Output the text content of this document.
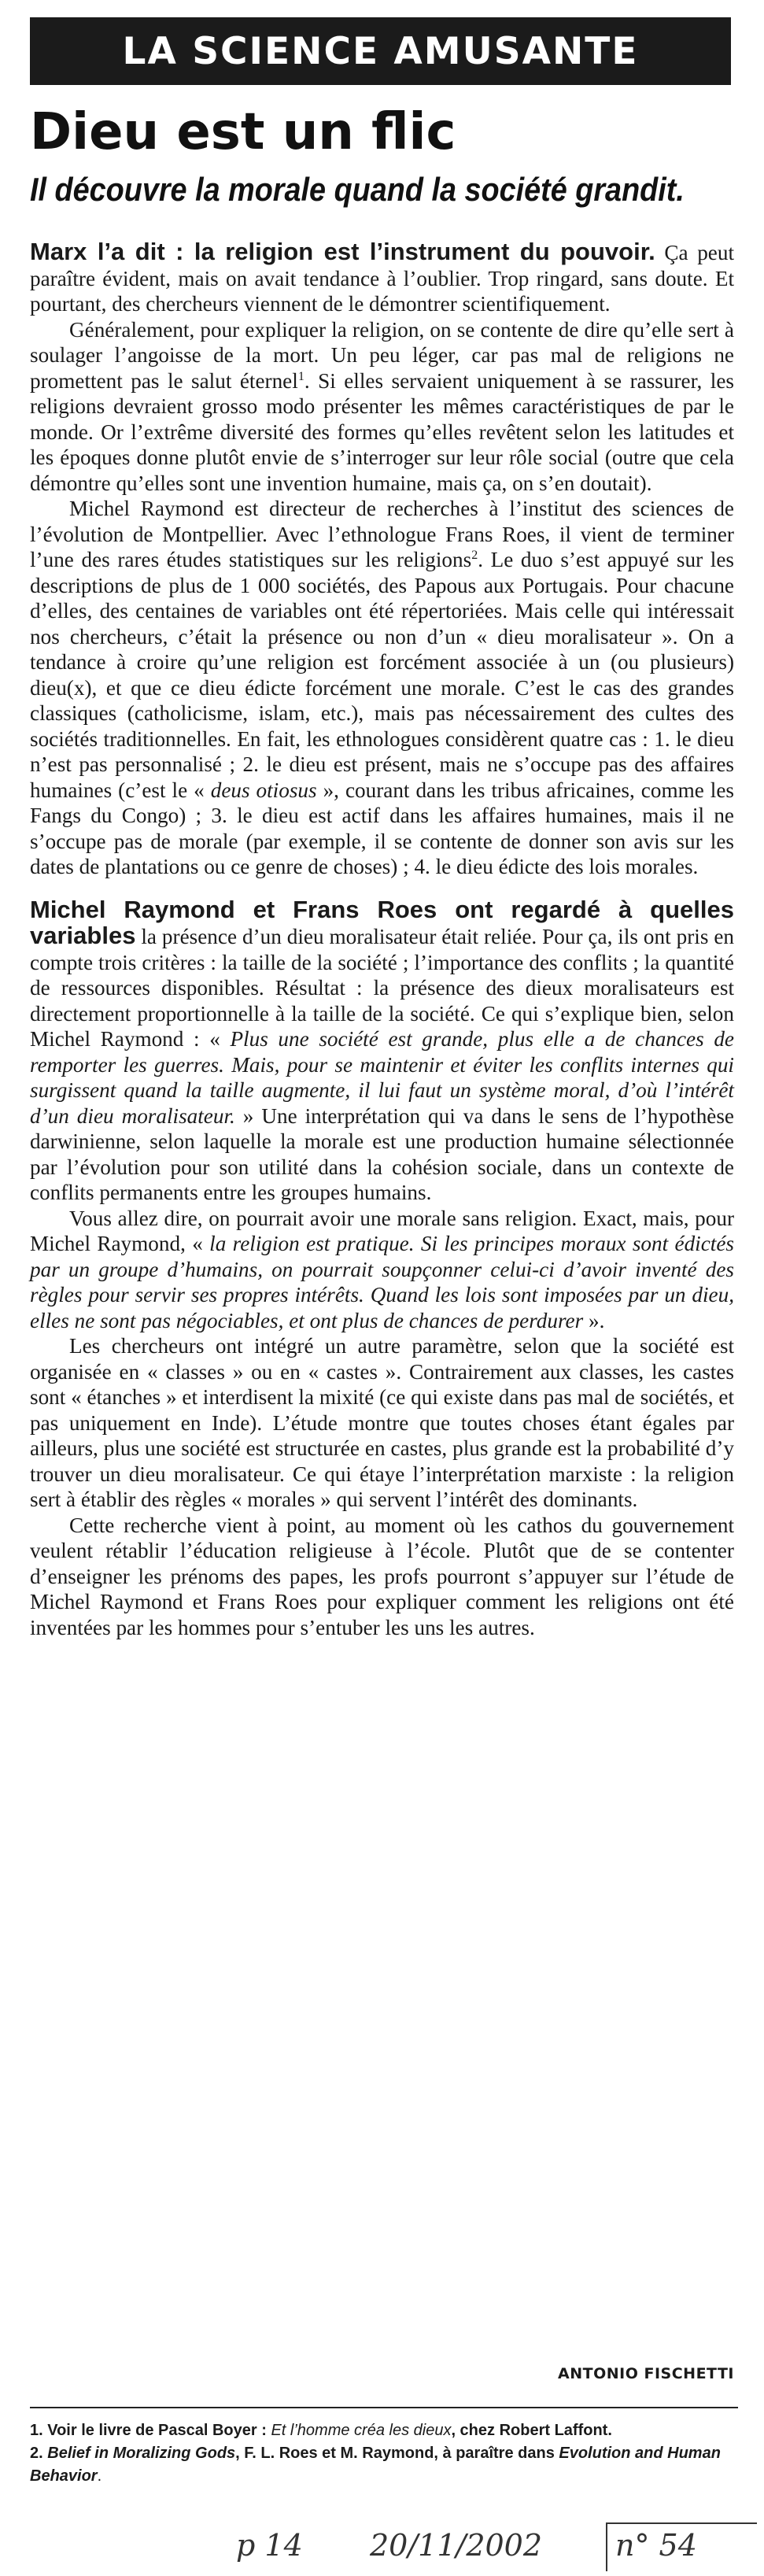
LA SCIENCE AMUSANTE
Dieu est un flic
Il découvre la morale quand la société grandit.

Marx l’a dit : la religion est l’instrument du pouvoir. Ça peut paraître évident, mais on avait tendance à l’oublier. Trop ringard, sans doute. Et pourtant, des chercheurs viennent de le démontrer scientifiquement.

Généralement, pour expliquer la religion, on se contente de dire qu’elle sert à soulager l’angoisse de la mort. Un peu léger, car pas mal de religions ne promettent pas le salut éternel$^1$. Si elles servaient uniquement à se rassurer, les religions devraient grosso modo présenter les mêmes caractéristiques de par le monde. Or l’extrême diversité des formes qu’elles revêtent selon les latitudes et les époques donne plutôt envie de s’interroger sur leur rôle social (outre que cela démontre qu’elles sont une invention humaine, mais ça, on s’en doutait).

Michel Raymond est directeur de recherches à l’institut des sciences de l’évolution de Montpellier. Avec l’ethnologue Frans Roes, il vient de terminer l’une des rares études statistiques sur les religions$^2$. Le duo s’est appuyé sur les descriptions de plus de 1 000 sociétés, des Papous aux Portugais. Pour chacune d’elles, des centaines de variables ont été répertoriées. Mais celle qui intéressait nos chercheurs, c’était la présence ou non d’un « dieu moralisateur ». On a tendance à croire qu’une religion est forcément associée à un (ou plusieurs) dieu(x), et que ce dieu édicte forcément une morale. C’est le cas des grandes classiques (catholicisme, islam, etc.), mais pas nécessairement des cultes des sociétés traditionnelles. En fait, les ethnologues considèrent quatre cas : 1. le dieu n’est pas personnalisé ; 2. le dieu est présent, mais ne s’occupe pas des affaires humaines (c’est le « deus otiosus », courant dans les tribus africaines, comme les Fangs du Congo) ; 3. le dieu est actif dans les affaires humaines, mais il ne s’occupe pas de morale (par exemple, il se contente de donner son avis sur les dates de plantations ou ce genre de choses) ; 4. le dieu édicte des lois morales.

Michel Raymond et Frans Roes ont regardé à quelles variables la présence d’un dieu moralisateur était reliée. Pour ça, ils ont pris en compte trois critères : la taille de la société ; l’importance des conflits ; la quantité de ressources disponibles. Résultat : la présence des dieux moralisateurs est directement proportionnelle à la taille de la société. Ce qui s’explique bien, selon Michel Raymond : « Plus une société est grande, plus elle a de chances de remporter les guerres. Mais, pour se maintenir et éviter les conflits internes qui surgissent quand la taille augmente, il lui faut un système moral, d’où l’intérêt d’un dieu moralisateur. » Une interprétation qui va dans le sens de l’hypothèse darwinienne, selon laquelle la morale est une production humaine sélectionnée par l’évolution pour son utilité dans la cohésion sociale, dans un contexte de conflits permanents entre les groupes humains.

Vous allez dire, on pourrait avoir une morale sans religion. Exact, mais, pour Michel Raymond, « la religion est pratique. Si les principes moraux sont édictés par un groupe d’humains, on pourrait soupçonner celui-ci d’avoir inventé des règles pour servir ses propres intérêts. Quand les lois sont imposées par un dieu, elles ne sont pas négociables, et ont plus de chances de perdurer ».

Les chercheurs ont intégré un autre paramètre, selon que la société est organisée en « classes » ou en « castes ». Contrairement aux classes, les castes sont « étanches » et interdisent la mixité (ce qui existe dans pas mal de sociétés, et pas uniquement en Inde). L’étude montre que toutes choses étant égales par ailleurs, plus une société est structurée en castes, plus grande est la probabilité d’y trouver un dieu moralisateur. Ce qui étaye l’interprétation marxiste : la religion sert à établir des règles « morales » qui servent l’intérêt des dominants.

Cette recherche vient à point, au moment où les cathos du gouvernement veulent rétablir l’éducation religieuse à l’école. Plutôt que de se contenter d’enseigner les prénoms des papes, les profs pourront s’appuyer sur l’étude de Michel Raymond et Frans Roes pour expliquer comment les religions ont été inventées par les hommes pour s’entuber les uns les autres.

ANTONIO FISCHETTI

1. Voir le livre de Pascal Boyer : Et l’homme créa les dieux, chez Robert Laffont.

2. Belief in Moralizing Gods, F. L. Roes et M. Raymond, à paraître dans Evolution and Human Behavior.

p 14 20/11/2002 n° 54
